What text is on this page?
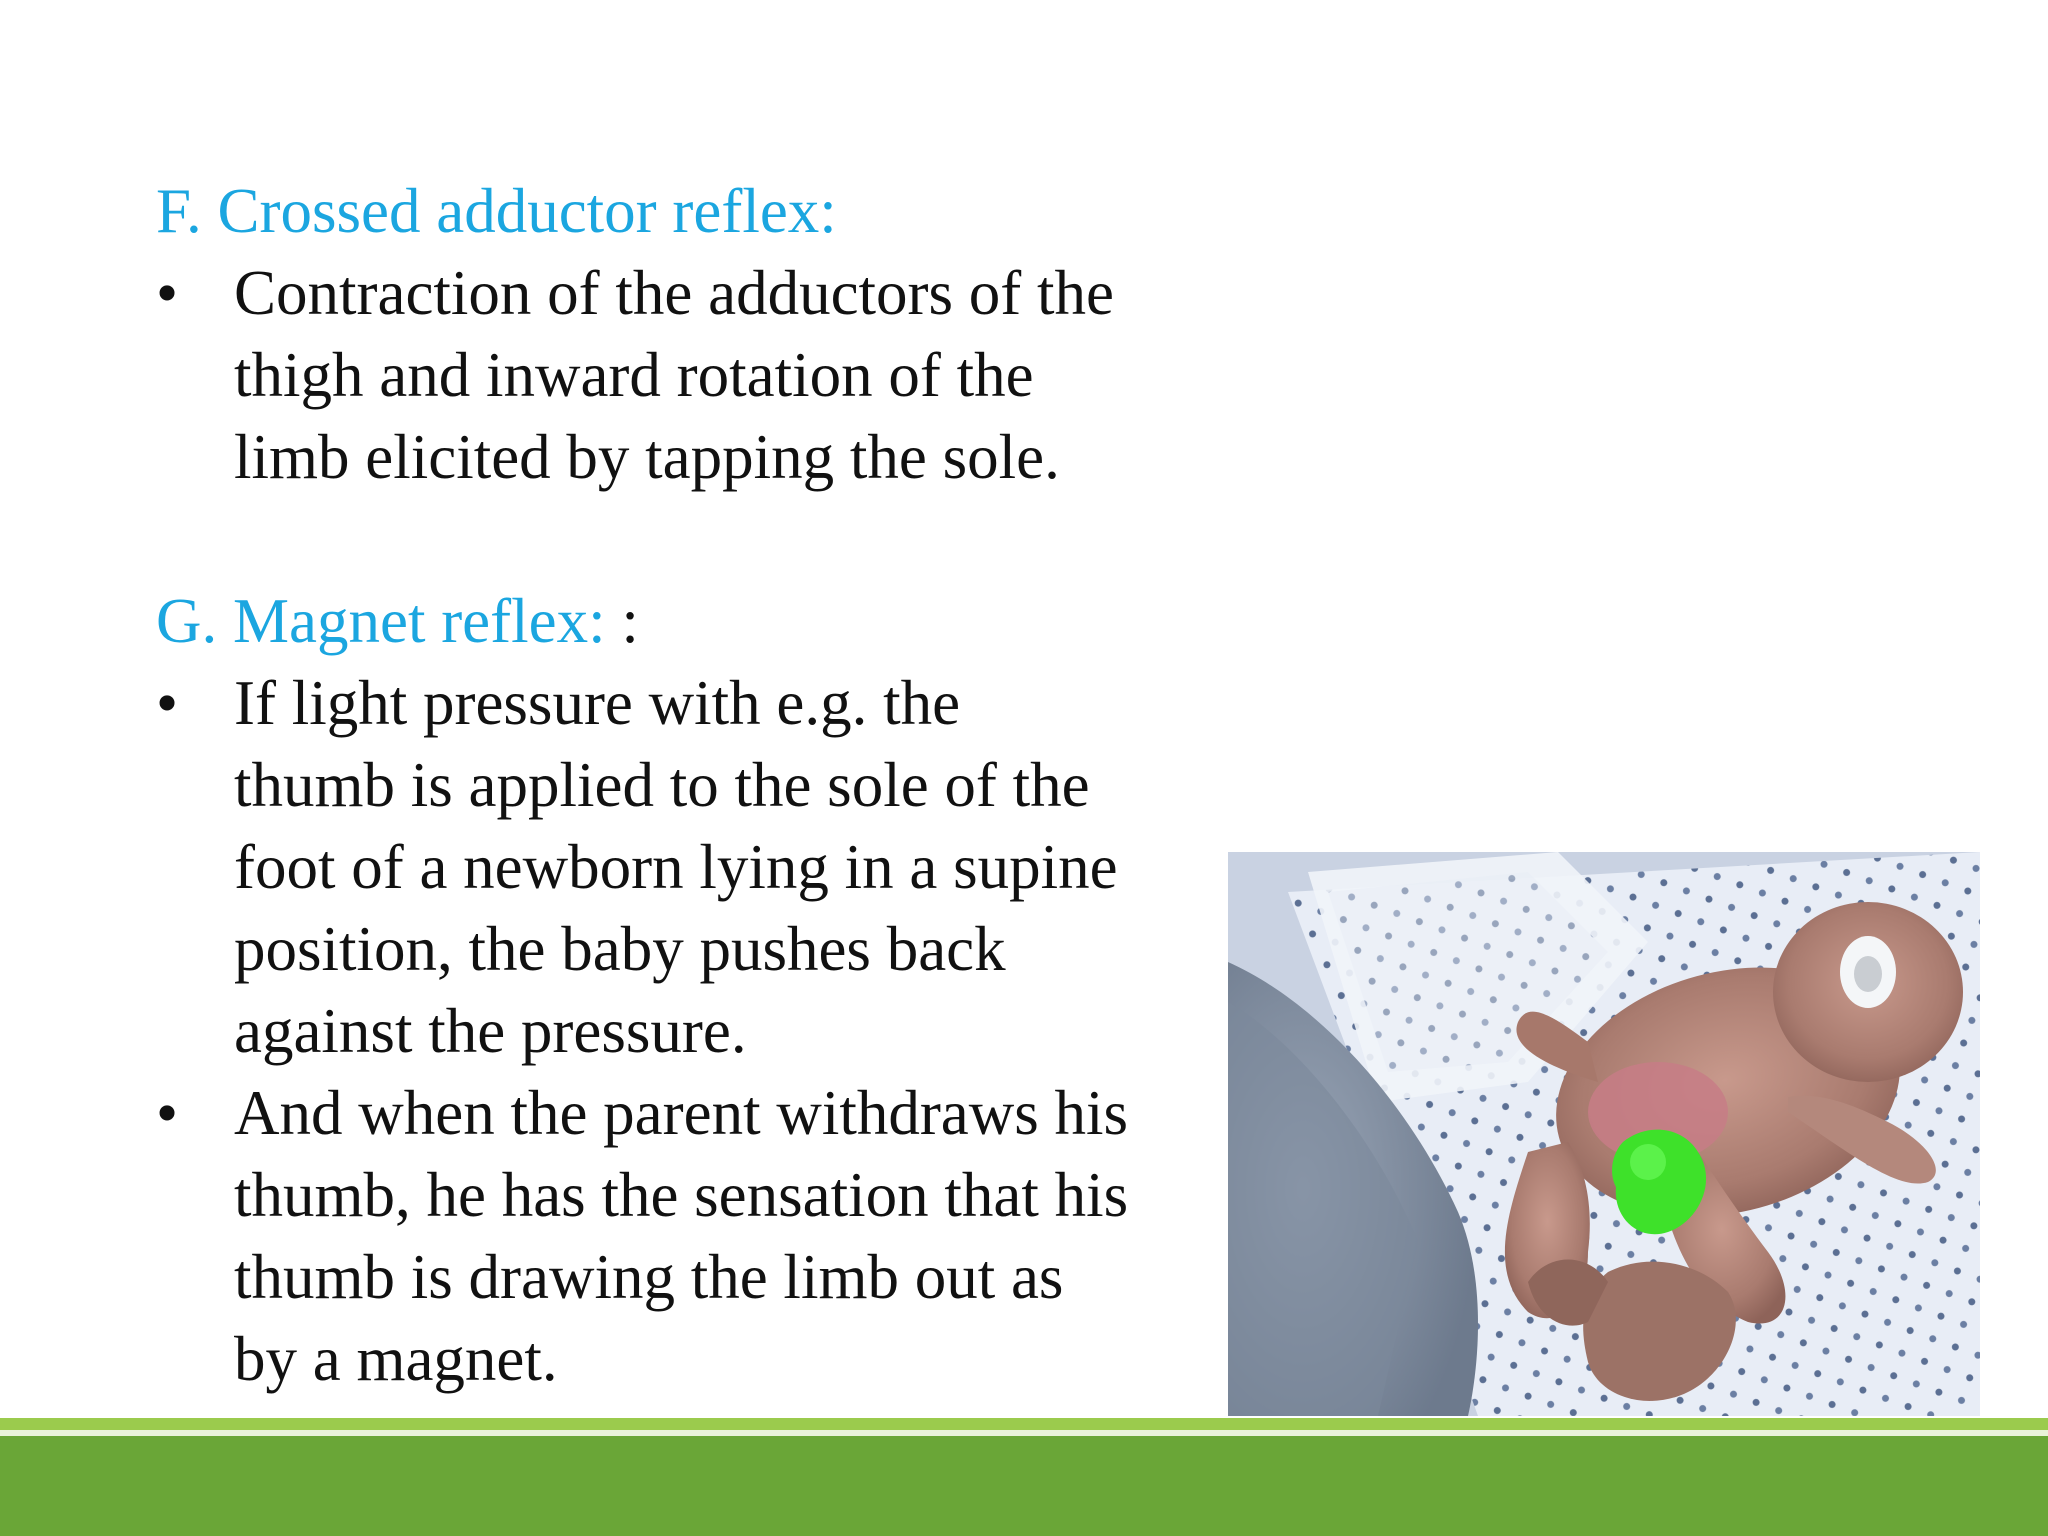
F. Crossed adductor reflex:
• Contraction of the adductors of the thigh and inward rotation of the limb elicited by tapping the sole.
G. Magnet reflex: :
• If light pressure with e.g. the thumb is applied to the sole of the foot of a newborn lying in a supine position, the baby pushes back against the pressure.
• And when the parent withdraws his thumb, he has the sensation that his thumb is drawing the limb out as by a magnet.
